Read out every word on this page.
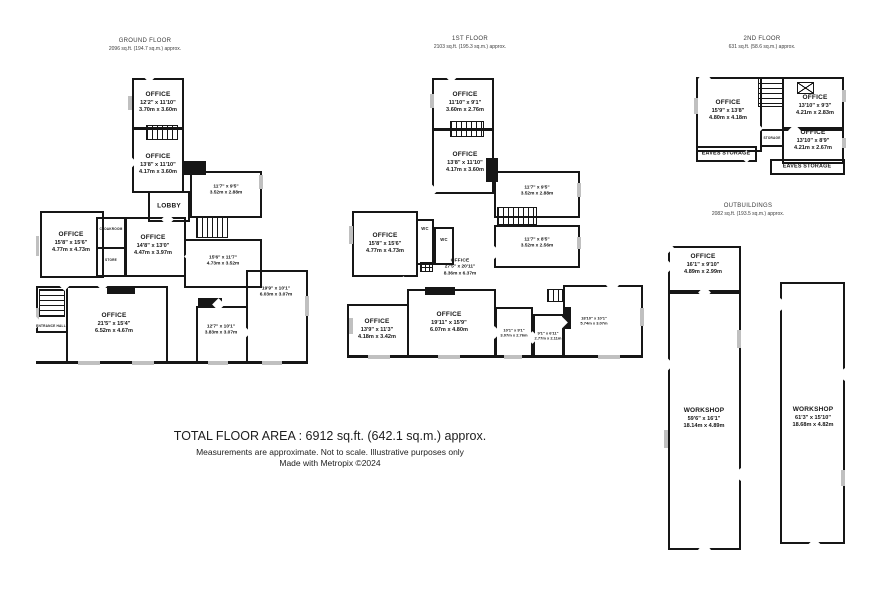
GROUND FLOOR
2096 sq.ft. (194.7 sq.m.) approx.
OFFICE
12'2" x 11'10"
3.70m x 3.60m
OFFICE
13'8" x 11'10"
4.17m x 3.60m
11'7" x 9'5"
3.52m x 2.88m
LOBBY
OFFICE
15'8" x 15'6"
4.77m x 4.73m
OFFICE
14'8" x 13'0"
4.47m x 3.97m
15'6" x 11'7"
4.73m x 3.52m
CLOAKROOM
STORE
OFFICE
21'5" x 15'4"
6.52m x 4.67m
ENTRANCE HALL	12'7" x 10'1"
3.83m x 3.07m
19'9" x 10'1"
6.03m x 3.07m
1ST FLOOR
2103 sq.ft. (195.3 sq.m.) approx.
OFFICE
11'10" x 9'1"
3.60m x 2.76m
OFFICE
13'8" x 11'10"
4.17m x 3.60m
11'7" x 9'5"
3.52m x 2.88m
11'7" x 8'5"
3.52m x 2.56m
OFFICE
15'8" x 15'6"
4.77m x 4.73m
WC
WC
OFFICE
27'5" x 20'11"
8.36m x 6.37m
OFFICE
13'9" x 11'3"
4.18m x 3.42m
OFFICE
19'11" x 15'9"
6.07m x 4.80m	10'1" x 9'1"
3.07m x 2.76m	9'1" x 6'11"
2.77m x 2.11m
18'10" x 10'1"
5.74m x 3.07m
2ND FLOOR
631 sq.ft. (58.6 sq.m.) approx.
OFFICE
15'9" x 13'8"
4.80m x 4.18m
OFFICE
13'10" x 9'3"
4.21m x 2.83m
OFFICE
13'10" x 8'9"
4.21m x 2.67m
EAVES STORAGE
EAVES STORAGE
STORAGE
OUTBUILDINGS
2082 sq.ft. (193.5 sq.m.) approx.
OFFICE
16'1" x 9'10"
4.89m x 2.99m
WORKSHOP
59'6" x 16'1"
18.14m x 4.89m
WORKSHOP
61'3" x 15'10"
18.68m x 4.82m
TOTAL FLOOR AREA : 6912 sq.ft. (642.1 sq.m.) approx.
Measurements are approximate. Not to scale. Illustrative purposes only
Made with Metropix ©2024
